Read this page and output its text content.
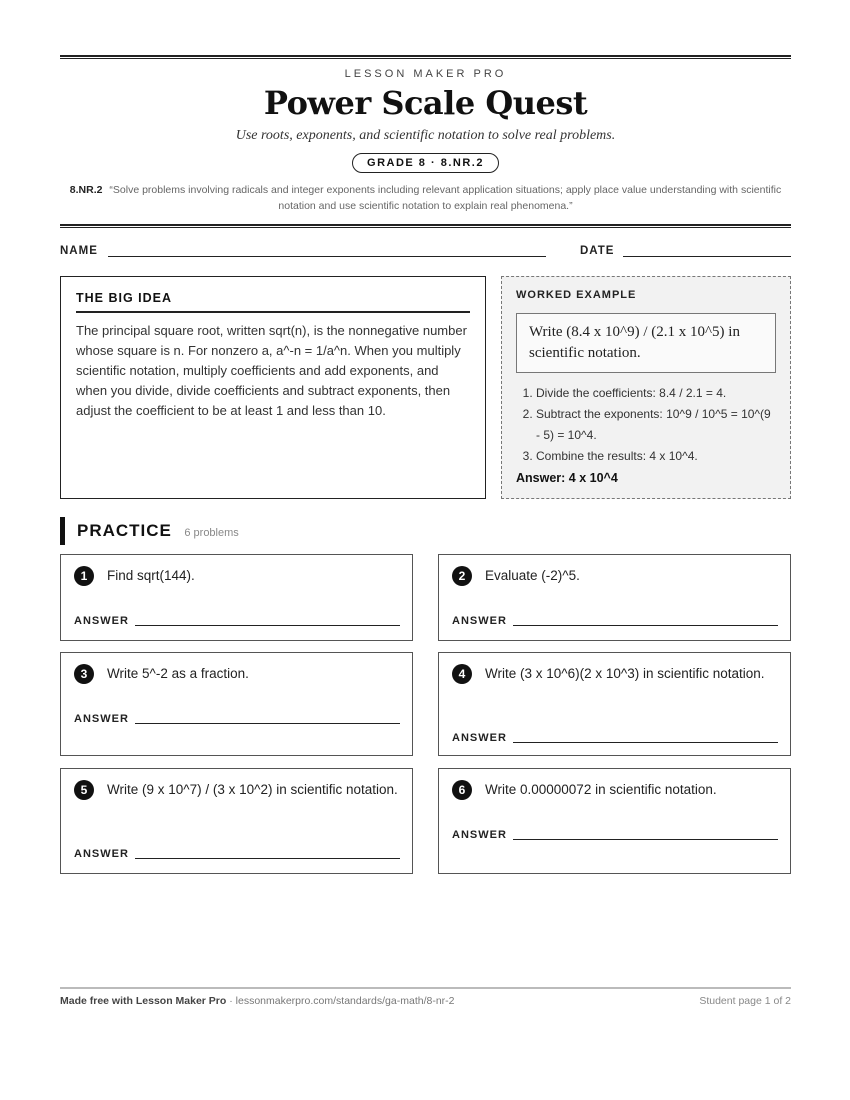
LESSON MAKER PRO
Power Scale Quest
Use roots, exponents, and scientific notation to solve real problems.
GRADE 8 · 8.NR.2
8.NR.2 “Solve problems involving radicals and integer exponents including relevant application situations; apply place value understanding with scientific notation and use scientific notation to explain real phenomena.”
NAME	DATE
THE BIG IDEA

The principal square root, written sqrt(n), is the nonnegative number whose square is n. For nonzero a, a^-n = 1/a^n. When you multiply scientific notation, multiply coefficients and add exponents, and when you divide, divide coefficients and subtract exponents, then adjust the coefficient to be at least 1 and less than 10.

WORKED EXAMPLE
Write (8.4 x 10^9) / (2.1 x 10^5) in scientific notation.
1. Divide the coefficients: 8.4 / 2.1 = 4.
2. Subtract the exponents: 10^9 / 10^5 = 10^(9 - 5) = 10^4.
3. Combine the results: 4 x 10^4.
Answer: 4 x 10^4
PRACTICE 6 problems
1	Find sqrt(144).
ANSWER
2	Evaluate (-2)^5.
ANSWER
3	Write 5^-2 as a fraction.
ANSWER
4	Write (3 x 10^6)(2 x 10^3) in scientific notation.
ANSWER
5	Write (9 x 10^7) / (3 x 10^2) in scientific notation.
ANSWER
6	Write 0.00000072 in scientific notation.
ANSWER
Made free with Lesson Maker Pro · lessonmakerpro.com/standards/ga-math/8-nr-2	Student page 1 of 2
